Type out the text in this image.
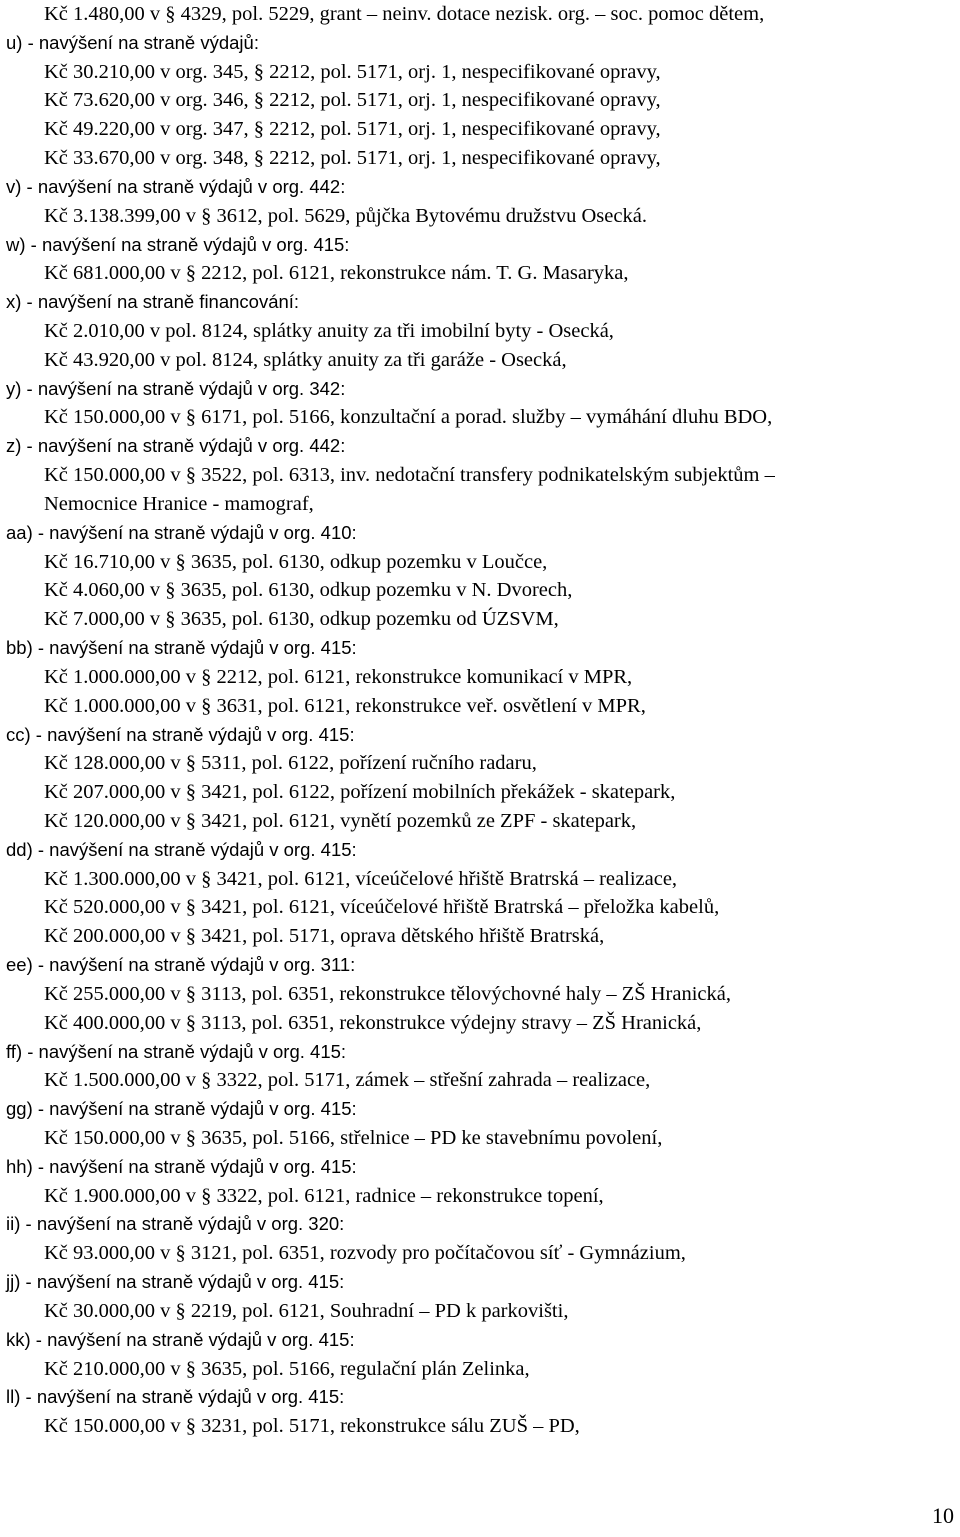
Kč 1.480,00 v § 4329, pol. 5229, grant – neinv. dotace nezisk. org. – soc. pomoc dětem,
u) - navýšení na straně výdajů:
Kč 30.210,00 v org. 345, § 2212, pol. 5171, orj. 1, nespecifikované opravy,
Kč 73.620,00 v org. 346, § 2212, pol. 5171, orj. 1, nespecifikované opravy,
Kč 49.220,00 v org. 347, § 2212, pol. 5171, orj. 1, nespecifikované opravy,
Kč 33.670,00 v org. 348, § 2212, pol. 5171, orj. 1, nespecifikované opravy,
v) - navýšení na straně výdajů v org. 442:
Kč 3.138.399,00 v § 3612, pol. 5629, půjčka Bytovému družstvu Osecká.
w) - navýšení na straně výdajů v org. 415:
Kč 681.000,00 v § 2212, pol. 6121, rekonstrukce nám. T. G. Masaryka,
x) - navýšení na straně financování:
Kč 2.010,00 v pol. 8124, splátky anuity za tři imobilní byty - Osecká,
Kč 43.920,00 v pol. 8124, splátky anuity za tři garáže - Osecká,
y) - navýšení na straně výdajů v org. 342:
Kč 150.000,00 v § 6171, pol. 5166, konzultační a porad. služby – vymáhání dluhu BDO,
z) - navýšení na straně výdajů v org. 442:
Kč 150.000,00 v § 3522, pol. 6313, inv. nedotační transfery podnikatelským subjektům –
Nemocnice Hranice - mamograf,
aa) - navýšení na straně výdajů v org. 410:
Kč 16.710,00 v § 3635, pol. 6130, odkup pozemku v Loučce,
Kč 4.060,00 v § 3635, pol. 6130, odkup pozemku v N. Dvorech,
Kč 7.000,00 v § 3635, pol. 6130, odkup pozemku od ÚZSVM,
bb) - navýšení na straně výdajů v org. 415:
Kč 1.000.000,00 v § 2212, pol. 6121, rekonstrukce komunikací v MPR,
Kč 1.000.000,00 v § 3631, pol. 6121, rekonstrukce veř. osvětlení v MPR,
cc) - navýšení na straně výdajů v org. 415:
Kč 128.000,00 v § 5311, pol. 6122, pořízení ručního radaru,
Kč 207.000,00 v § 3421, pol. 6122, pořízení mobilních překážek - skatepark,
Kč 120.000,00 v § 3421, pol. 6121, vynětí pozemků ze ZPF - skatepark,
dd) - navýšení na straně výdajů v org. 415:
Kč 1.300.000,00 v § 3421, pol. 6121, víceúčelové hřiště Bratrská – realizace,
Kč 520.000,00 v § 3421, pol. 6121, víceúčelové hřiště Bratrská – přeložka kabelů,
Kč 200.000,00 v § 3421, pol. 5171, oprava dětského hřiště Bratrská,
ee) - navýšení na straně výdajů v org. 311:
Kč 255.000,00 v § 3113, pol. 6351, rekonstrukce tělovýchovné haly – ZŠ Hranická,
Kč 400.000,00 v § 3113, pol. 6351, rekonstrukce výdejny stravy – ZŠ Hranická,
ff) - navýšení na straně výdajů v org. 415:
Kč 1.500.000,00 v § 3322, pol. 5171, zámek – střešní zahrada – realizace,
gg) - navýšení na straně výdajů v org. 415:
Kč 150.000,00 v § 3635, pol. 5166, střelnice – PD ke stavebnímu povolení,
hh) - navýšení na straně výdajů v org. 415:
Kč 1.900.000,00 v § 3322, pol. 6121, radnice – rekonstrukce topení,
ii) - navýšení na straně výdajů v org. 320:
Kč 93.000,00 v § 3121, pol. 6351, rozvody pro počítačovou síť - Gymnázium,
jj) - navýšení na straně výdajů v org. 415:
Kč 30.000,00 v § 2219, pol. 6121, Souhradní – PD k parkovišti,
kk) - navýšení na straně výdajů v org. 415:
Kč 210.000,00 v § 3635, pol. 5166, regulační plán Zelinka,
ll) - navýšení na straně výdajů v org. 415:
Kč 150.000,00 v § 3231, pol. 5171, rekonstrukce sálu ZUŠ – PD,
10
